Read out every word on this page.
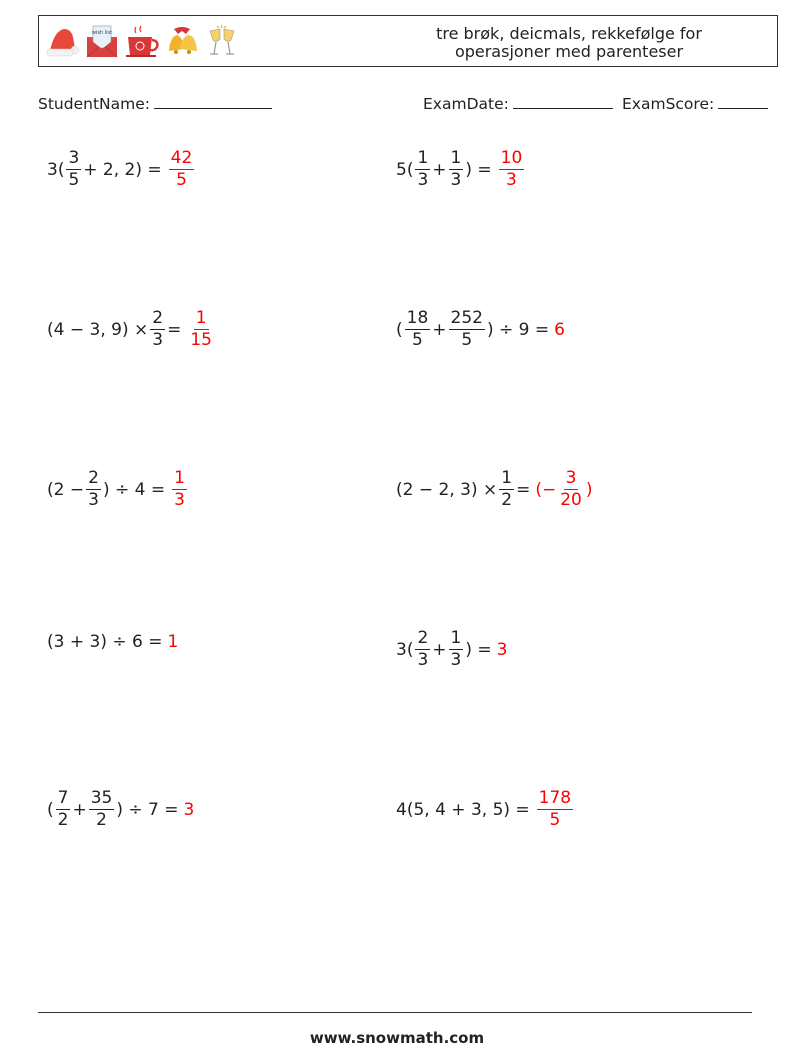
wish list	tre brøk, deicmals, rekkefølge for
operasjoner med parenteser
StudentName:	ExamDate:	ExamScore:
$3( \frac{3}{5} + 2$, $2) = \frac{42}{5}$	$5( \frac{1}{3} + \frac{1}{3}$ ) = $\frac{10}{3}$
(4 − 3, $9) \times \frac{2}{3} = \frac{1}{15}$	( $\frac{18}{5} + \frac{252}{5}$ ) ÷ 9 = 6
($2 - \frac{2}{3}$ ) ÷ $4 = \frac{1}{3}$	(2 − 2, $3) \times \frac{1}{2}$ = (− $\frac{3}{20}$ )
(3 + 3) ÷ 6 = 1	$3( \frac{2}{3} + \frac{1}{3}$ ) = 3
( $\frac{7}{2} + \frac{35}{2}$ ) ÷ 7 = 3	4(5, 4 + 3, $5) = \frac{178}{5}$
www.snowmath.com
